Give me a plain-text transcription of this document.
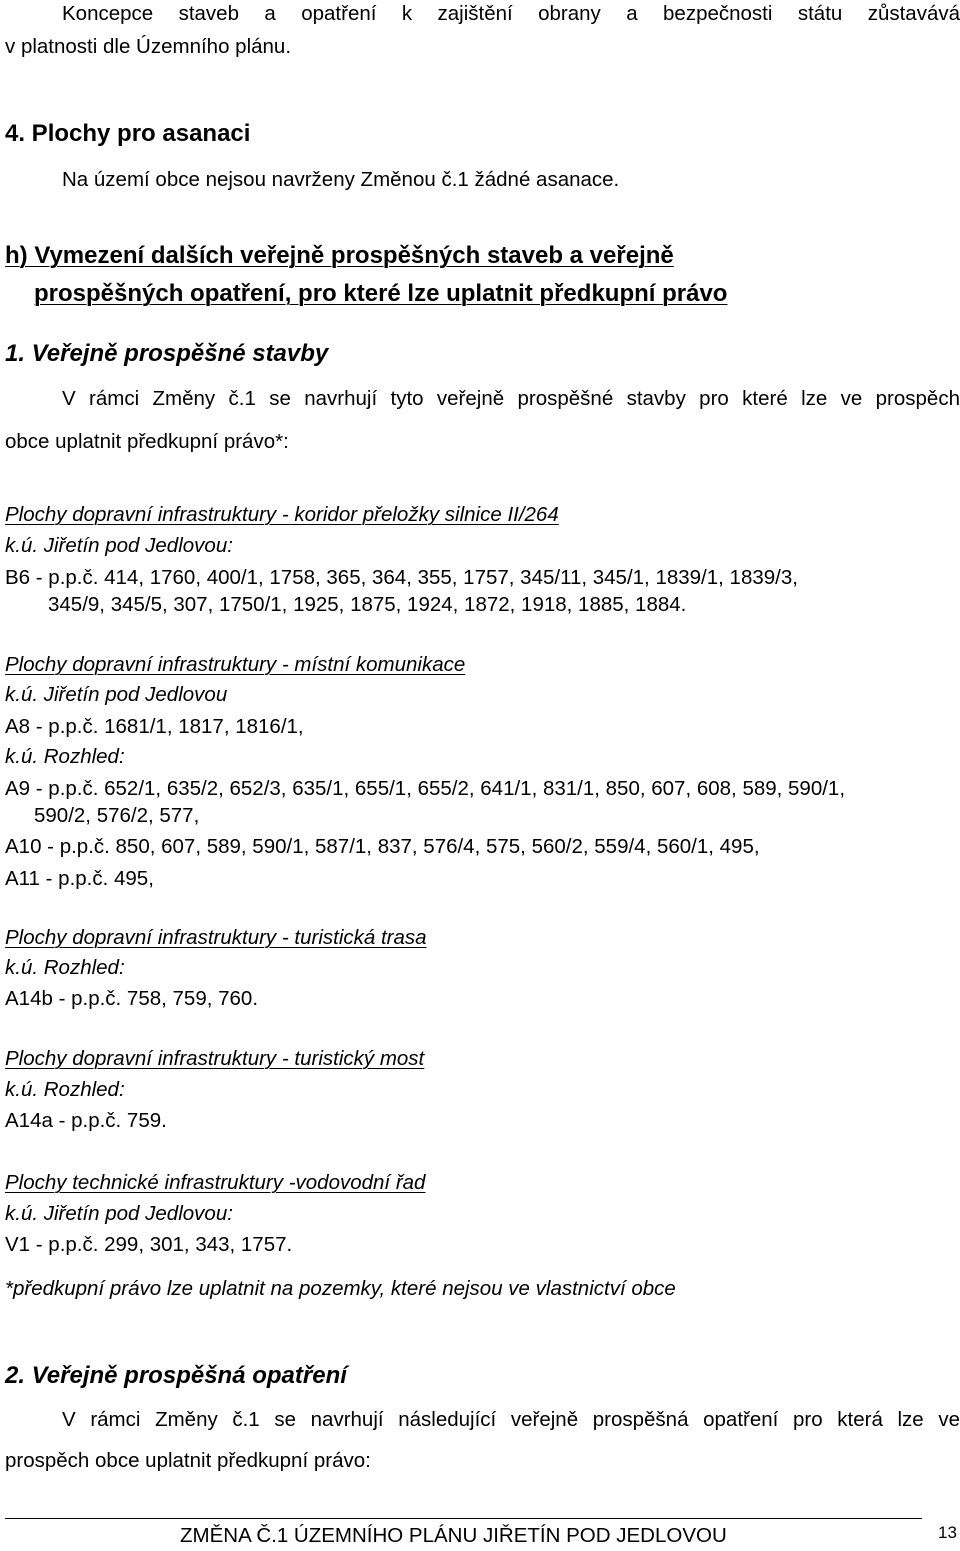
Koncepce staveb a opatření k zajištění obrany a bezpečnosti státu zůstavává
v platnosti dle Územního plánu.
4. Plochy pro asanaci
Na území obce nejsou navrženy Změnou č.1 žádné asanace.
h) Vymezení dalších veřejně prospěšných staveb a veřejně
prospěšných opatření, pro které lze uplatnit předkupní právo
1. Veřejně prospěšné stavby
V rámci Změny č.1 se navrhují tyto veřejně prospěšné stavby pro které lze ve prospěch
obce uplatnit předkupní právo*:
Plochy dopravní infrastruktury - koridor přeložky silnice II/264
k.ú. Jiřetín pod Jedlovou:
B6 - p.p.č. 414, 1760, 400/1, 1758, 365, 364, 355, 1757, 345/11, 345/1, 1839/1, 1839/3,
345/9, 345/5, 307, 1750/1, 1925, 1875, 1924, 1872, 1918, 1885, 1884.
Plochy dopravní infrastruktury - místní komunikace
k.ú. Jiřetín pod Jedlovou
A8 - p.p.č. 1681/1, 1817, 1816/1,
k.ú. Rozhled:
A9 - p.p.č. 652/1, 635/2, 652/3, 635/1, 655/1, 655/2, 641/1, 831/1, 850, 607, 608, 589, 590/1,
590/2, 576/2, 577,
A10 - p.p.č. 850, 607, 589, 590/1, 587/1, 837, 576/4, 575, 560/2, 559/4, 560/1, 495,
A11 - p.p.č. 495,
Plochy dopravní infrastruktury - turistická trasa
k.ú. Rozhled:
A14b - p.p.č. 758, 759, 760.
Plochy dopravní infrastruktury - turistický most
k.ú. Rozhled:
A14a - p.p.č. 759.
Plochy technické infrastruktury -vodovodní řad
k.ú. Jiřetín pod Jedlovou:
V1 - p.p.č. 299, 301, 343, 1757.
*předkupní právo lze uplatnit na pozemky, které nejsou ve vlastnictví obce
2. Veřejně prospěšná opatření
V rámci Změny č.1 se navrhují následující veřejně prospěšná opatření pro která lze ve
prospěch obce uplatnit předkupní právo:
ZMĚNA Č.1 ÚZEMNÍHO PLÁNU JIŘETÍN POD JEDLOVOU	13
